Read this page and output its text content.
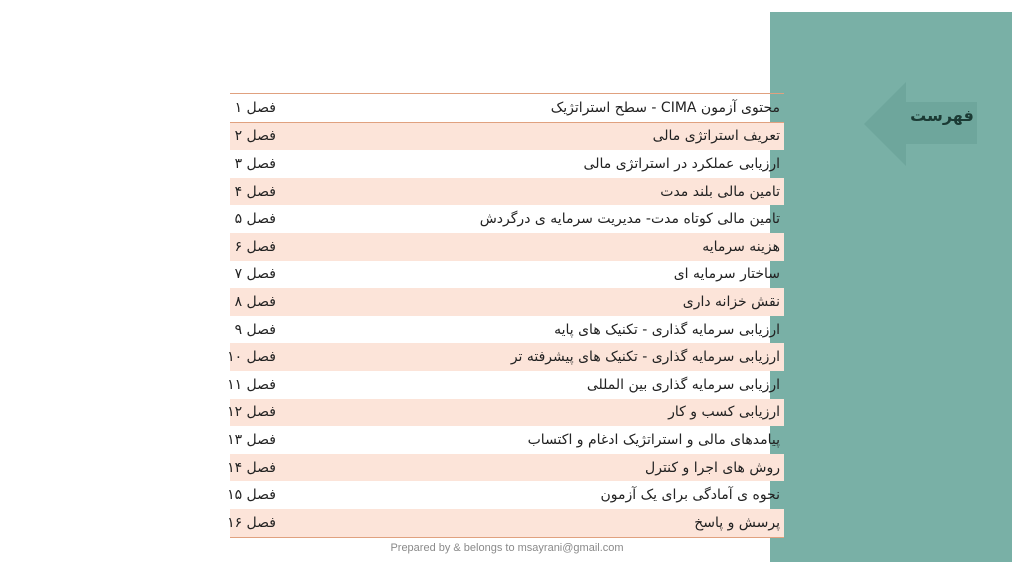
فهرست
فصل ۱	محتوی آزمون CIMA - سطح استراتژیک
فصل ۲	تعریف استراتژی مالی
فصل ۳	ارزیابی عملکرد در استراتژی مالی
فصل ۴	تامین مالی بلند مدت
فصل ۵	تامین مالی کوتاه مدت- مدیریت سرمایه ی درگردش
فصل ۶	هزینه سرمایه
فصل ۷	ساختار سرمایه ای
فصل ۸	نقش خزانه داری
فصل ۹	ارزیابی سرمایه گذاری - تکنیک های پایه
فصل ۱۰	ارزیابی سرمایه گذاری - تکنیک های پیشرفته تر
فصل ۱۱	ارزیابی سرمایه گذاری بین المللی
فصل ۱۲	ارزیابی کسب و کار
فصل ۱۳	پیامدهای مالی و استراتژیک ادغام و اکتساب
فصل ۱۴	روش های اجرا و کنترل
فصل ۱۵	نحوه ی آمادگی برای یک آزمون
فصل ۱۶	پرسش و پاسخ
Prepared by & belongs to msayrani@gmail.com
